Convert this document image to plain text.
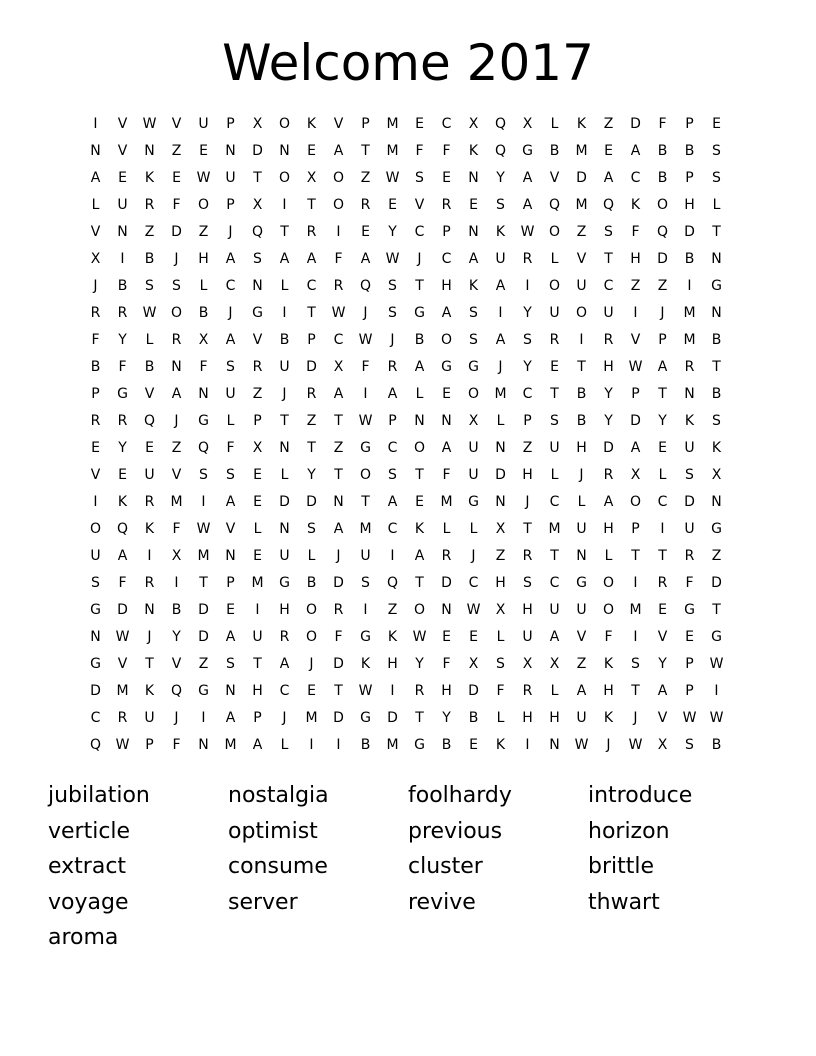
Welcome 2017
I	V	W	V	U	P	X	O	K	V	P	M	E	C	X	Q	X	L	K	Z	D	F	P	E
N	V	N	Z	E	N	D	N	E	A	T	M	F	F	K	Q	G	B	M	E	A	B	B	S
A	E	K	E	W	U	T	O	X	O	Z	W	S	E	N	Y	A	V	D	A	C	B	P	S
L	U	R	F	O	P	X	I	T	O	R	E	V	R	E	S	A	Q	M	Q	K	O	H	L
V	N	Z	D	Z	J	Q	T	R	I	E	Y	C	P	N	K	W	O	Z	S	F	Q	D	T
X	I	B	J	H	A	S	A	A	F	A	W	J	C	A	U	R	L	V	T	H	D	B	N
J	B	S	S	L	C	N	L	C	R	Q	S	T	H	K	A	I	O	U	C	Z	Z	I	G
R	R	W	O	B	J	G	I	T	W	J	S	G	A	S	I	Y	U	O	U	I	J	M	N
F	Y	L	R	X	A	V	B	P	C	W	J	B	O	S	A	S	R	I	R	V	P	M	B
B	F	B	N	F	S	R	U	D	X	F	R	A	G	G	J	Y	E	T	H	W	A	R	T
P	G	V	A	N	U	Z	J	R	A	I	A	L	E	O	M	C	T	B	Y	P	T	N	B
R	R	Q	J	G	L	P	T	Z	T	W	P	N	N	X	L	P	S	B	Y	D	Y	K	S
E	Y	E	Z	Q	F	X	N	T	Z	G	C	O	A	U	N	Z	U	H	D	A	E	U	K
V	E	U	V	S	S	E	L	Y	T	O	S	T	F	U	D	H	L	J	R	X	L	S	X
I	K	R	M	I	A	E	D	D	N	T	A	E	M	G	N	J	C	L	A	O	C	D	N
O	Q	K	F	W	V	L	N	S	A	M	C	K	L	L	X	T	M	U	H	P	I	U	G
U	A	I	X	M	N	E	U	L	J	U	I	A	R	J	Z	R	T	N	L	T	T	R	Z
S	F	R	I	T	P	M	G	B	D	S	Q	T	D	C	H	S	C	G	O	I	R	F	D
G	D	N	B	D	E	I	H	O	R	I	Z	O	N	W	X	H	U	U	O	M	E	G	T
N	W	J	Y	D	A	U	R	O	F	G	K	W	E	E	L	U	A	V	F	I	V	E	G
G	V	T	V	Z	S	T	A	J	D	K	H	Y	F	X	S	X	X	Z	K	S	Y	P	W
D	M	K	Q	G	N	H	C	E	T	W	I	R	H	D	F	R	L	A	H	T	A	P	I
C	R	U	J	I	A	P	J	M	D	G	D	T	Y	B	L	H	H	U	K	J	V	W W
Q	W	P	F	N	M	A	L	I	I	B	M	G	B	E	K	I	N	W	J	W	X	S	B
jubilation	nostalgia	foolhardy	introduce
verticle	optimist	previous	horizon
extract	consume	cluster	brittle
voyage	server	revive	thwart
aroma
